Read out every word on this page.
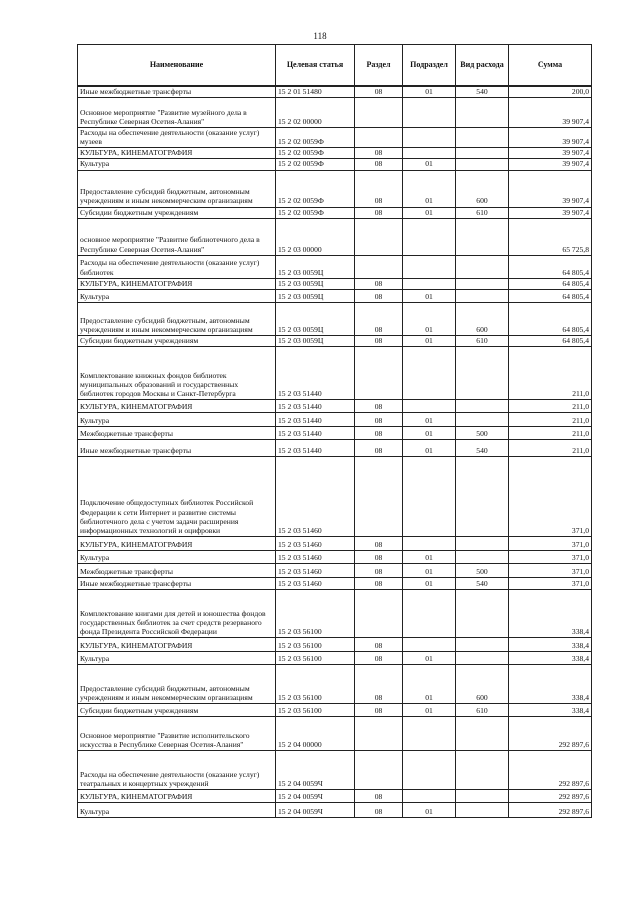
118
Наименование	Целевая статья	Раздел	Подраздел	Вид расхода	Сумма
Иные межбюджетные трансферты	15 2 01 51480	08	01	540	200,0
Основное мероприятие "Развитие музейного дела в Республике Северная Осетия-Алания"	15 2 02 00000				39 907,4
Расходы на обеспечение деятельности (оказание услуг) музеев	15 2 02 0059Ф				39 907,4
КУЛЬТУРА, КИНЕМАТОГРАФИЯ	15 2 02 0059Ф	08			39 907,4
Культура	15 2 02 0059Ф	08	01		39 907,4
Предоставление субсидий бюджетным, автономным учреждениям и иным некоммерческим организациям	15 2 02 0059Ф	08	01	600	39 907,4
Субсидии бюджетным учреждениям	15 2 02 0059Ф	08	01	610	39 907,4
основное мероприятие "Развитие библиотечного дела в Республике Северная Осетия-Алания"	15 2 03 00000				65 725,8
Расходы на обеспечение деятельности (оказание услуг) библиотек	15 2 03 0059Ц				64 805,4
КУЛЬТУРА, КИНЕМАТОГРАФИЯ	15 2 03 0059Ц	08			64 805,4
Культура	15 2 03 0059Ц	08	01		64 805,4
Предоставление субсидий бюджетным, автономным учреждениям и иным некоммерческим организациям	15 2 03 0059Ц	08	01	600	64 805,4
Субсидии бюджетным учреждениям	15 2 03 0059Ц	08	01	610	64 805,4
Комплектование книжных фондов библиотек муниципальных образований и государственных библиотек городов Москвы и Санкт-Петербурга	15 2 03 51440				211,0
КУЛЬТУРА, КИНЕМАТОГРАФИЯ	15 2 03 51440	08			211,0
Культура	15 2 03 51440	08	01		211,0
Межбюджетные трансферты	15 2 03 51440	08	01	500	211,0
Иные межбюджетные трансферты	15 2 03 51440	08	01	540	211,0
Подключение общедоступных библиотек Российской Федерации к сети Интернет и развитие системы библиотечного дела с учетом задачи расширения информационных технологий и оцифровки	15 2 03 51460				371,0
КУЛЬТУРА, КИНЕМАТОГРАФИЯ	15 2 03 51460	08			371,0
Культура	15 2 03 51460	08	01		371,0
Межбюджетные трансферты	15 2 03 51460	08	01	500	371,0
Иные межбюджетные трансферты	15 2 03 51460	08	01	540	371,0
Комплектование книгами для детей и юношества фондов государственных библиотек за счет средств резерваного фонда Президента Российской Федерации	15 2 03 56100				338,4
КУЛЬТУРА, КИНЕМАТОГРАФИЯ	15 2 03 56100	08			338,4
Культура	15 2 03 56100	08	01		338,4
Предоставление субсидий бюджетным, автономным учреждениям и иным некоммерческим организациям	15 2 03 56100	08	01	600	338,4
Субсидии бюджетным учреждениям	15 2 03 56100	08	01	610	338,4
Основное мероприятие "Развитие исполнительского искусства в Республике Северная Осетия-Алания"	15 2 04 00000				292 897,6
Расходы на обеспечение деятельности (оказание услуг) театральных и концертных учреждений	15 2 04 0059Ч				292 897,6
КУЛЬТУРА, КИНЕМАТОГРАФИЯ	15 2 04 0059Ч	08			292 897,6
Культура	15 2 04 0059Ч	08	01		292 897,6
